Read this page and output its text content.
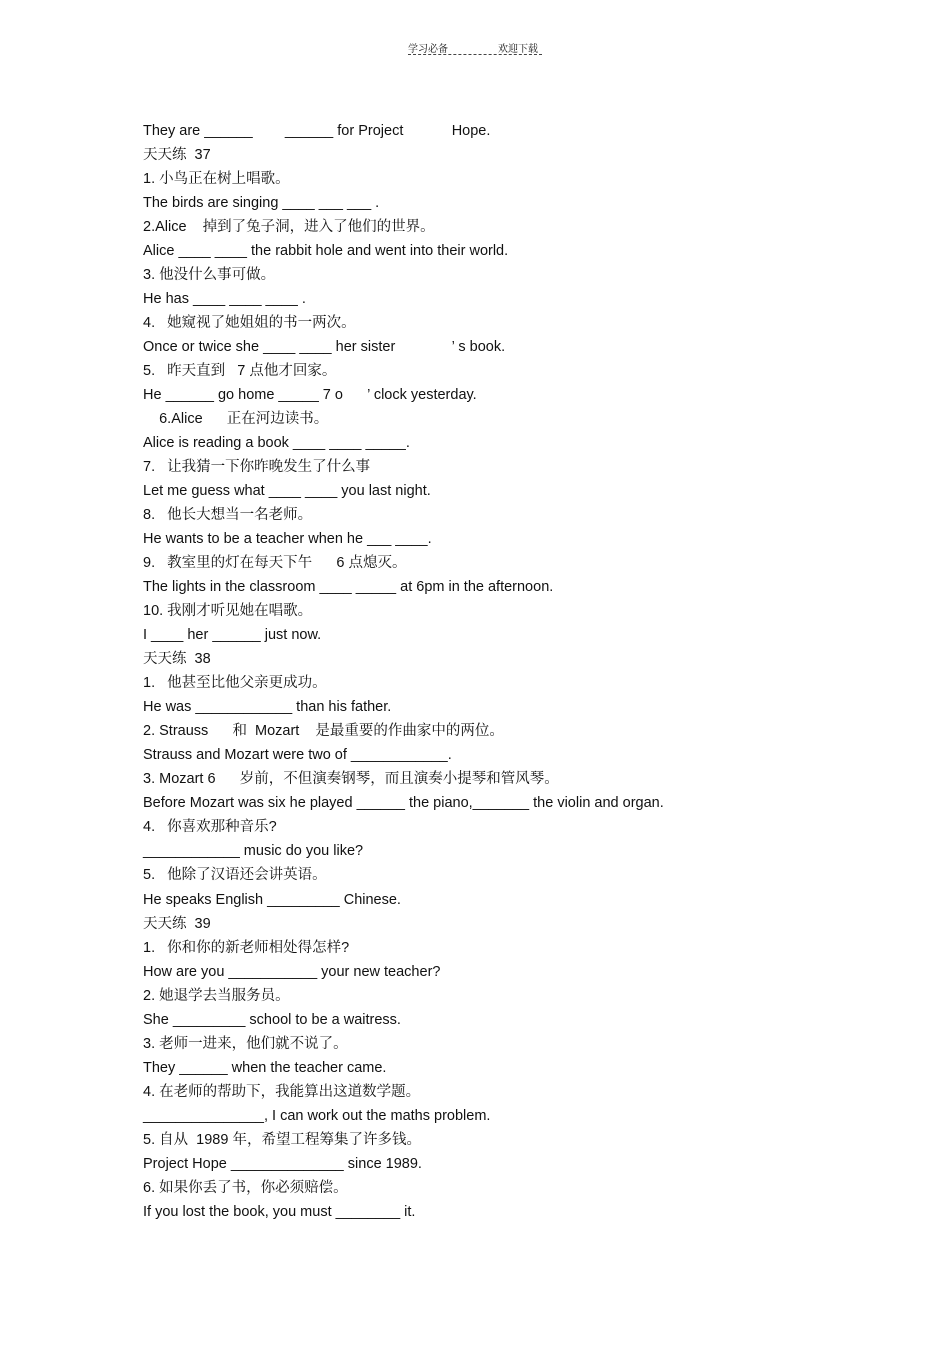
学习必备	欢迎下载
They are ______        ______ for Project            Hope.
天天练  37
1. 小鸟正在树上唱歌。
The birds are singing ____ ___ ___ .
2.Alice    掉到了兔子洞，进入了他们的世界。
Alice ____ ____ the rabbit hole and went into their world.
3. 他没什么事可做。
He has ____ ____ ____ .
4.   她窥视了她姐姐的书一两次。
Once or twice she ____ ____ her sister              ’ s book.
5.   昨天直到   7 点他才回家。
He ______ go home _____ 7 o      ’ clock yesterday.
6.Alice      正在河边读书。
Alice is reading a book ____ ____ _____.
7.   让我猜一下你昨晚发生了什么事
Let me guess what ____ ____ you last night.
8.   他长大想当一名老师。
He wants to be a teacher when he ___ ____.
9.   教室里的灯在每天下午      6 点熄灭。
The lights in the classroom ____ _____ at 6pm in the afternoon.
10. 我刚才听见她在唱歌。
I ____ her ______ just now.
天天练  38
1.   他甚至比他父亲更成功。
He was ____________ than his father.
2. Strauss      和  Mozart    是最重要的作曲家中的两位。
Strauss and Mozart were two of ____________.
3. Mozart 6      岁前，不但演奏钢琴，而且演奏小提琴和管风琴。
Before Mozart was six he played ______ the piano,_______ the violin and organ.
4.   你喜欢那种音乐?
____________ music do you like?
5.   他除了汉语还会讲英语。
He speaks English _________ Chinese.
天天练  39
1.   你和你的新老师相处得怎样?
How are you ___________ your new teacher?
2. 她退学去当服务员。
She _________ school to be a waitress.
3. 老师一进来，他们就不说了。
They ______ when the teacher came.
4. 在老师的帮助下，我能算出这道数学题。
_______________, I can work out the maths problem.
5. 自从  1989 年，希望工程筹集了许多钱。
Project Hope ______________ since 1989.
6. 如果你丢了书，你必须赔偿。
If you lost the book, you must ________ it.
